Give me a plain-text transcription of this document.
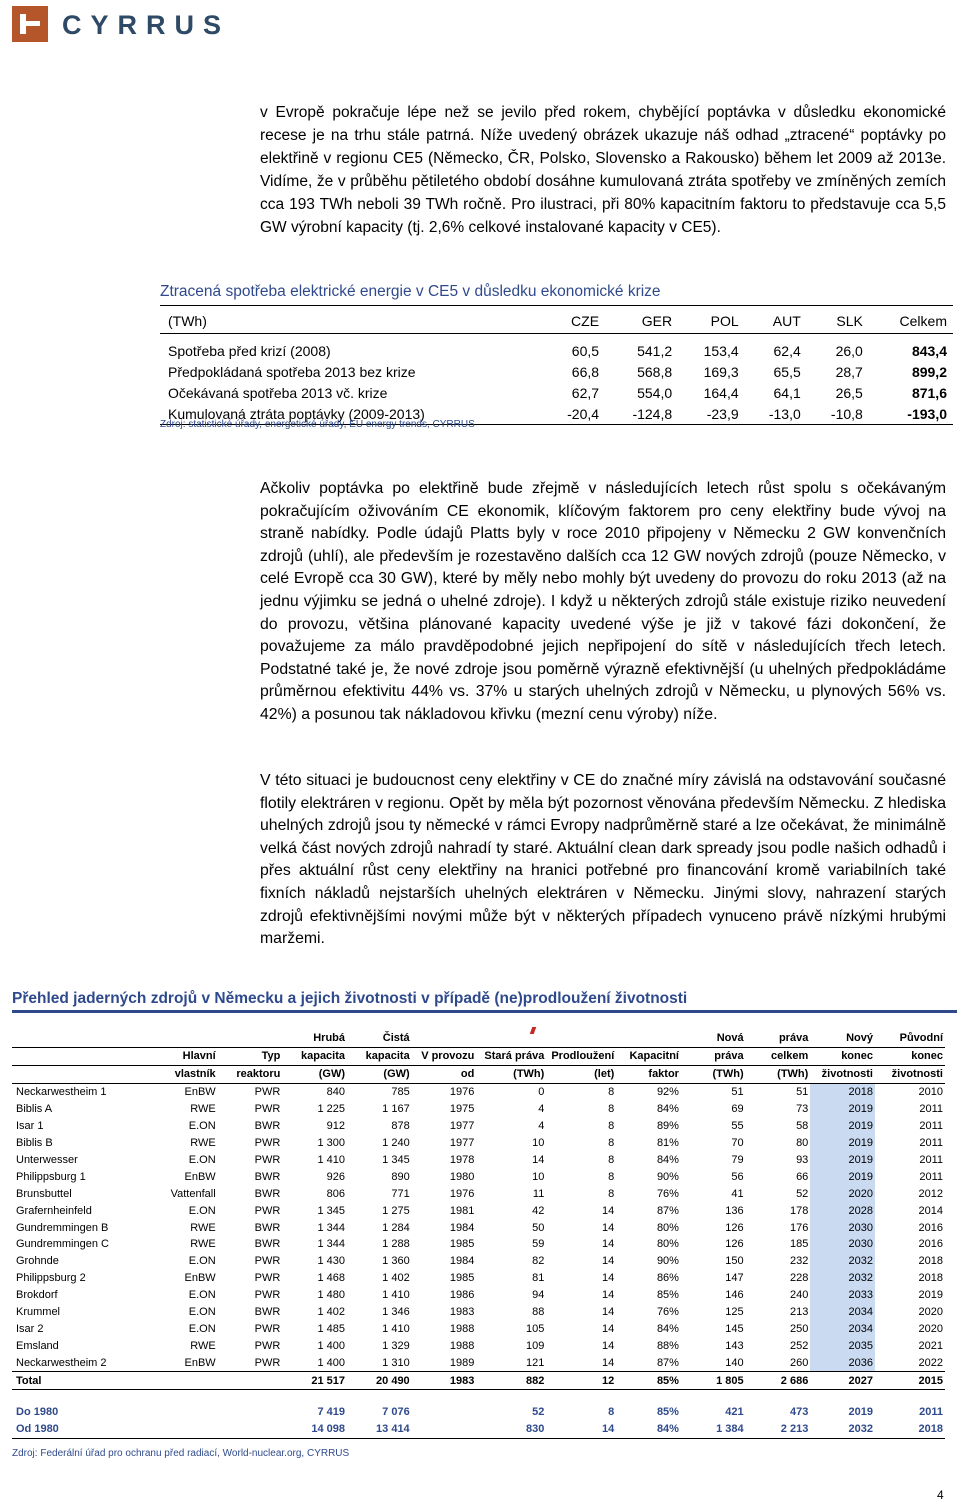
CYRRUS

v Evropě pokračuje lépe než se jevilo před rokem, chybějící poptávka v důsledku ekonomické recese je na trhu stále patrná. Níže uvedený obrázek ukazuje náš odhad „ztracené“ poptávky po elektřině v regionu CE5 (Německo, ČR, Polsko, Slovensko a Rakousko) během let 2009 až 2013e. Vidíme, že v průběhu pětiletého období dosáhne kumulovaná ztráta spotřeby ve zmíněných zemích cca 193 TWh neboli 39 TWh ročně. Pro ilustraci, při 80% kapacitním faktoru to představuje cca 5,5 GW výrobní kapacity (tj. 2,6% celkové instalované kapacity v CE5).

Ztracená spotřeba elektrické energie v CE5 v důsledku ekonomické krize
(TWh)	CZE	GER	POL	AUT	SLK	Celkem

Spotřeba před krizí (2008)	60,5	541,2	153,4	62,4	26,0	843,4
Předpokládaná spotřeba 2013 bez krize	66,8	568,8	169,3	65,5	28,7	899,2
Očekávaná spotřeba 2013 vč. krize	62,7	554,0	164,4	64,1	26,5	871,6
Kumulovaná ztráta poptávky (2009-2013)	-20,4	-124,8	-23,9	-13,0	-10,8	-193,0
Zdroj: statistické úřady, energetické úřady, EU energy trends, CYRRUS

Ačkoliv poptávka po elektřině bude zřejmě v následujících letech růst spolu s očekávaným pokračujícím oživováním CE ekonomik, klíčovým faktorem pro ceny elektřiny bude vývoj na straně nabídky. Podle údajů Platts byly v roce 2010 připojeny v Německu 2 GW konvenčních zdrojů (uhlí), ale především je rozestavěno dalších cca 12 GW nových zdrojů (pouze Německo, v celé Evropě cca 30 GW), které by měly nebo mohly být uvedeny do provozu do roku 2013 (až na jednu výjimku se jedná o uhelné zdroje). I když u některých zdrojů stále existuje riziko neuvedení do provozu, většina plánované kapacity uvedené výše je již v takové fázi dokončení, že považujeme za málo pravděpodobné jejich nepřipojení do sítě v následujících třech letech. Podstatné také je, že nové zdroje jsou poměrně výrazně efektivnější (u uhelných předpokládáme průměrnou efektivitu 44% vs. 37% u starých uhelných zdrojů v Německu, u plynových 56% vs. 42%) a posunou tak nákladovou křivku (mezní cenu výroby) níže.

V této situaci je budoucnost ceny elektřiny v CE do značné míry závislá na odstavování současné flotily elektráren v regionu. Opět by měla být pozornost věnována především Německu. Z hlediska uhelných zdrojů jsou ty německé v rámci Evropy nadprůměrně staré a lze očekávat, že minimálně velká část nových zdrojů nahradí ty staré. Aktuální clean dark spready jsou podle našich odhadů i přes aktuální růst ceny elektřiny na hranici potřebné pro financování kromě variabilních také fixních nákladů nejstarších uhelných elektráren v Německu. Jinými slovy, nahrazení starých zdrojů efektivnějšími novými může být v některých případech vynuceno právě nízkými hrubými maržemi.

Přehled jaderných zdrojů v Německu a jejich životnosti v případě (ne)prodloužení životnosti
			Hrubá	Čistá					Nová	práva	Nový	Původní
	Hlavní	Typ	kapacita	kapacita	V provozu	Stará práva	Prodloužení	Kapacitní	práva	celkem	konec	konec
	vlastník	reaktoru	(GW)	(GW)	od	(TWh)	(let)	faktor	(TWh)	(TWh)	životnosti	životnosti
Neckarwestheim 1	EnBW	PWR	840	785	1976	0	8	92%	51	51	2018	2010
Biblis A	RWE	PWR	1 225	1 167	1975	4	8	84%	69	73	2019	2011
Isar 1	E.ON	BWR	912	878	1977	4	8	89%	55	58	2019	2011
Biblis B	RWE	PWR	1 300	1 240	1977	10	8	81%	70	80	2019	2011
Unterwesser	E.ON	PWR	1 410	1 345	1978	14	8	84%	79	93	2019	2011
Philippsburg 1	EnBW	BWR	926	890	1980	10	8	90%	56	66	2019	2011
Brunsbuttel	Vattenfall	BWR	806	771	1976	11	8	76%	41	52	2020	2012
Grafernheinfeld	E.ON	PWR	1 345	1 275	1981	42	14	87%	136	178	2028	2014
Gundremmingen B	RWE	BWR	1 344	1 284	1984	50	14	80%	126	176	2030	2016
Gundremmingen C	RWE	BWR	1 344	1 288	1985	59	14	80%	126	185	2030	2016
Grohnde	E.ON	PWR	1 430	1 360	1984	82	14	90%	150	232	2032	2018
Philippsburg 2	EnBW	PWR	1 468	1 402	1985	81	14	86%	147	228	2032	2018
Brokdorf	E.ON	PWR	1 480	1 410	1986	94	14	85%	146	240	2033	2019
Krummel	E.ON	BWR	1 402	1 346	1983	88	14	76%	125	213	2034	2020
Isar 2	E.ON	PWR	1 485	1 410	1988	105	14	84%	145	250	2034	2020
Emsland	RWE	PWR	1 400	1 329	1988	109	14	88%	143	252	2035	2021
Neckarwestheim 2	EnBW	PWR	1 400	1 310	1989	121	14	87%	140	260	2036	2022
Total			21 517	20 490	1983	882	12	85%	1 805	2 686	2027	2015

Do 1980			7 419	7 076		52	8	85%	421	473	2019	2011
Od 1980			14 098	13 414		830	14	84%	1 384	2 213	2032	2018
Zdroj: Federální úřad pro ochranu před radiací, World-nuclear.org, CYRRUS
4
